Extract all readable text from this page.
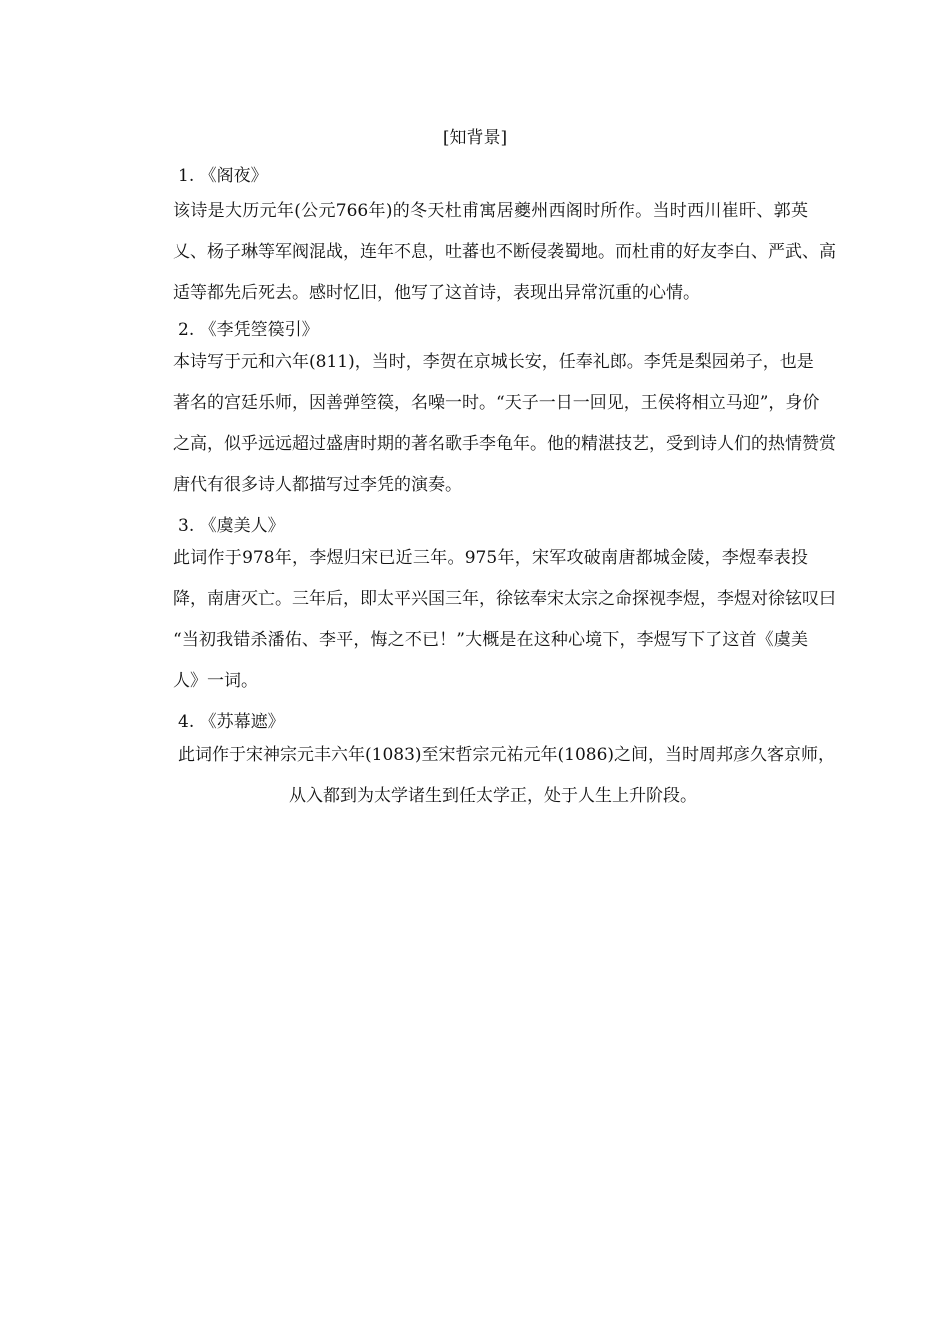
[知背景]
1. 《阁夜》
该诗是大历元年(公元766年)的冬天杜甫寓居夔州西阁时所作。当时西川崔旰、郭英
乂、杨子琳等军阀混战，连年不息，吐蕃也不断侵袭蜀地。而杜甫的好友李白、严武、高
适等都先后死去。感时忆旧，他写了这首诗，表现出异常沉重的心情。
2. 《李凭箜篌引》
本诗写于元和六年(811)，当时，李贺在京城长安，任奉礼郎。李凭是梨园弟子，也是
著名的宫廷乐师，因善弹箜篌，名噪一时。“天子一日一回见，王侯将相立马迎”，身价
之高，似乎远远超过盛唐时期的著名歌手李龟年。他的精湛技艺，受到诗人们的热情赞赏
唐代有很多诗人都描写过李凭的演奏。
3. 《虞美人》
此词作于978年，李煜归宋已近三年。975年，宋军攻破南唐都城金陵，李煜奉表投
降，南唐灭亡。三年后，即太平兴国三年，徐铉奉宋太宗之命探视李煜，李煜对徐铉叹曰
“当初我错杀潘佑、李平，悔之不已！”大概是在这种心境下，李煜写下了这首《虞美
人》一词。
4. 《苏幕遮》
此词作于宋神宗元丰六年(1083)至宋哲宗元祐元年(1086)之间，当时周邦彦久客京师，
从入都到为太学诸生到任太学正，处于人生上升阶段。
